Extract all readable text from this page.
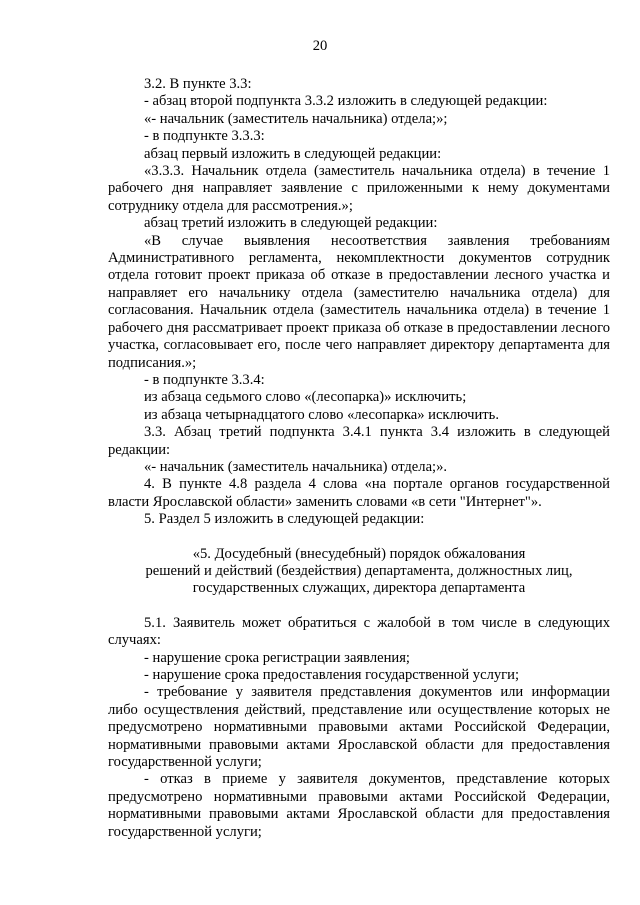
20

3.2. В пункте 3.3:

- абзац второй подпункта 3.3.2 изложить в следующей редакции:

«- начальник (заместитель начальника) отдела;»;

- в подпункте 3.3.3:

абзац первый изложить в следующей редакции:

«3.3.3. Начальник отдела (заместитель начальника отдела) в течение 1 рабочего дня направляет заявление с приложенными к нему документами сотруднику отдела для рассмотрения.»;

абзац третий изложить в следующей редакции:

«В случае выявления несоответствия заявления требованиям Административного регламента, некомплектности документов сотрудник отдела готовит проект приказа об отказе в предоставлении лесного участка и направляет его начальнику отдела (заместителю начальника отдела) для согласования. Начальник отдела (заместитель начальника отдела) в течение 1 рабочего дня рассматривает проект приказа об отказе в предоставлении лесного участка, согласовывает его, после чего направляет директору департамента для подписания.»;

- в подпункте 3.3.4:

из абзаца седьмого слово «(лесопарка)» исключить;

из абзаца четырнадцатого слово «лесопарка» исключить.

3.3. Абзац третий подпункта 3.4.1 пункта 3.4 изложить в следующей редакции:

«- начальник (заместитель начальника) отдела;».

4. В пункте 4.8 раздела 4 слова «на портале органов государственной власти Ярославской области» заменить словами «в сети "Интернет"».

5. Раздел 5 изложить в следующей редакции:

«5. Досудебный (внесудебный) порядок обжалования

решений и действий (бездействия) департамента, должностных лиц,

государственных служащих, директора департамента

5.1. Заявитель может обратиться с жалобой в том числе в следующих случаях:

- нарушение срока регистрации заявления;

- нарушение срока предоставления государственной услуги;

- требование у заявителя представления документов или информации либо осуществления действий, представление или осуществление которых не предусмотрено нормативными правовыми актами Российской Федерации, нормативными правовыми актами Ярославской области для предоставления государственной услуги;

- отказ в приеме у заявителя документов, представление которых предусмотрено нормативными правовыми актами Российской Федерации, нормативными правовыми актами Ярославской области для предоставления государственной услуги;
